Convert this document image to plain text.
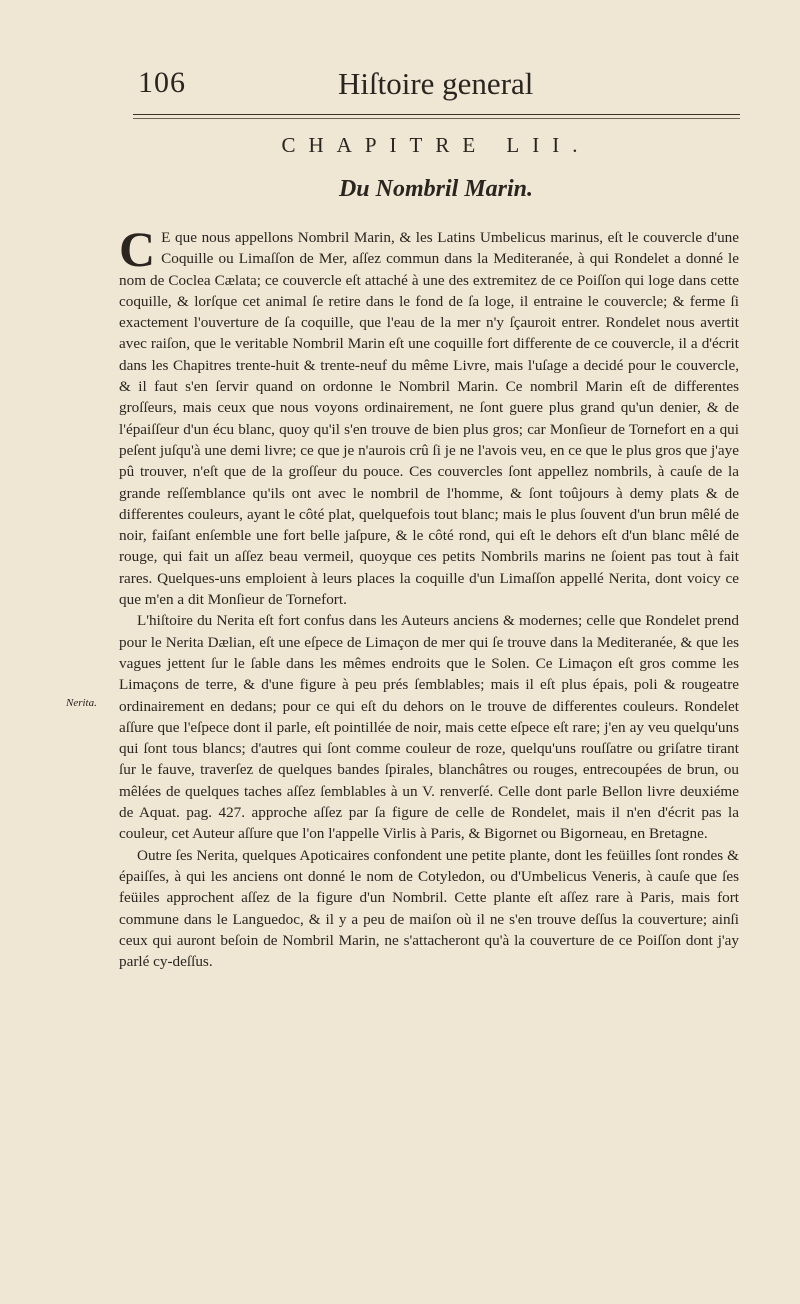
106	Hiſtoire general
CHAPITRE LII.
Du Nombril Marin.
Nerita.

C E que nous appellons Nombril Marin, & les Latins Umbelicus marinus, eſt le couvercle d'une Coquille ou Limaſſon de Mer, aſſez commun dans la Mediteranée, à qui Rondelet a donné le nom de Coclea Cælata; ce couvercle eſt attaché à une des extremitez de ce Poiſſon qui loge dans cette coquille, & lorſque cet animal ſe retire dans le fond de ſa loge, il entraine le couvercle; & ferme ſi exactement l'ouverture de ſa coquille, que l'eau de la mer n'y ſçauroit entrer. Rondelet nous avertit avec raiſon, que le veritable Nombril Marin eſt une coquille fort differente de ce couvercle, il a d'écrit dans les Chapitres trente-huit & trente-neuf du même Livre, mais l'uſage a decidé pour le couvercle, & il faut s'en ſervir quand on ordonne le Nombril Marin. Ce nombril Marin eſt de differentes groſſeurs, mais ceux que nous voyons ordinairement, ne ſont guere plus grand qu'un denier, & de l'épaiſſeur d'un écu blanc, quoy qu'il s'en trouve de bien plus gros; car Monſieur de Tornefort en a qui peſent juſqu'à une demi livre; ce que je n'aurois crû ſi je ne l'avois veu, en ce que le plus gros que j'aye pû trouver, n'eſt que de la groſſeur du pouce. Ces couvercles ſont appellez nombrils, à cauſe de la grande reſſemblance qu'ils ont avec le nombril de l'homme, & ſont toûjours à demy plats & de differentes couleurs, ayant le côté plat, quelquefois tout blanc; mais le plus ſouvent d'un brun mêlé de noir, faiſant enſemble une fort belle jaſpure, & le côté rond, qui eſt le dehors eſt d'un blanc mêlé de rouge, qui fait un aſſez beau vermeil, quoyque ces petits Nombrils marins ne ſoient pas tout à fait rares. Quelques-uns emploient à leurs places la coquille d'un Limaſſon appellé Nerita, dont voicy ce que m'en a dit Monſieur de Tornefort.

L'hiſtoire du Nerita eſt fort confus dans les Auteurs anciens & modernes; celle que Rondelet prend pour le Nerita Dælian, eſt une eſpece de Limaçon de mer qui ſe trouve dans la Mediteranée, & que les vagues jettent ſur le ſable dans les mêmes endroits que le Solen. Ce Limaçon eſt gros comme les Limaçons de terre, & d'une figure à peu prés ſemblables; mais il eſt plus épais, poli & rougeatre ordinairement en dedans; pour ce qui eſt du dehors on le trouve de differentes couleurs. Rondelet aſſure que l'eſpece dont il parle, eſt pointillée de noir, mais cette eſpece eſt rare; j'en ay veu quelqu'uns qui ſont tous blancs; d'autres qui ſont comme couleur de roze, quelqu'uns rouſſatre ou griſatre tirant ſur le fauve, traverſez de quelques bandes ſpirales, blanchâtres ou rouges, entrecoupées de brun, ou mêlées de quelques taches aſſez ſemblables à un V. renverſé. Celle dont parle Bellon livre deuxiéme de Aquat. pag. 427. approche aſſez par ſa figure de celle de Rondelet, mais il n'en d'écrit pas la couleur, cet Auteur aſſure que l'on l'appelle Virlis à Paris, & Bigornet ou Bigorneau, en Bretagne.

Outre ſes Nerita, quelques Apoticaires confondent une petite plante, dont les feüilles ſont rondes & épaiſſes, à qui les anciens ont donné le nom de Cotyledon, ou d'Umbelicus Veneris, à cauſe que ſes feüiles approchent aſſez de la figure d'un Nombril. Cette plante eſt aſſez rare à Paris, mais fort commune dans le Languedoc, & il y a peu de maiſon où il ne s'en trouve deſſus la couverture; ainſi ceux qui auront beſoin de Nombril Marin, ne s'attacheront qu'à la couverture de ce Poiſſon dont j'ay parlé cy-deſſus.
